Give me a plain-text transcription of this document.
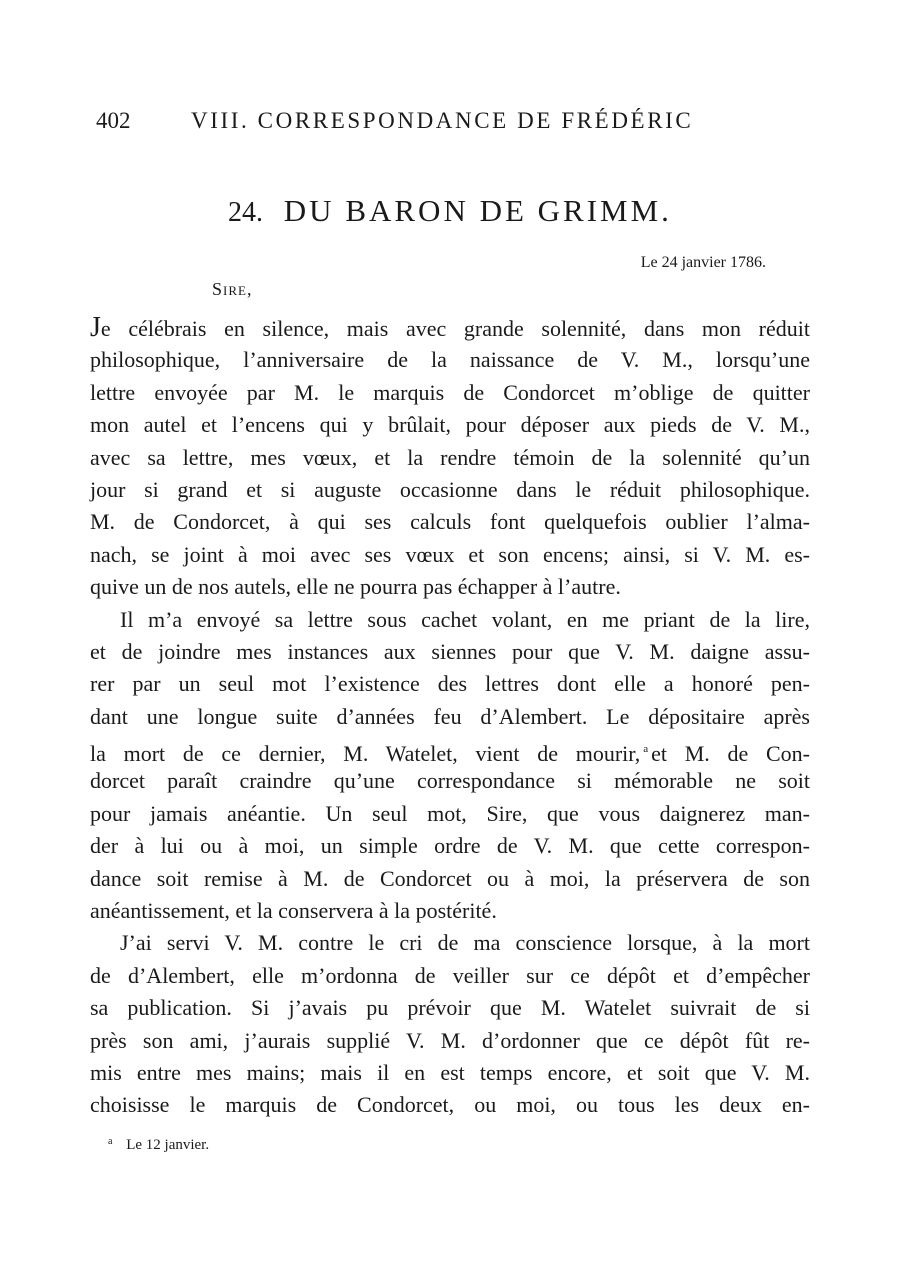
402	VIII. CORRESPONDANCE DE FRÉDÉRIC
24. DU BARON DE GRIMM.
Le 24 janvier 1786.
Sire,
Je célébrais en silence, mais avec grande solennité, dans mon réduit
philosophique, l’anniversaire de la naissance de V. M., lorsqu’une
lettre envoyée par M. le marquis de Condorcet m’oblige de quitter
mon autel et l’encens qui y brûlait, pour déposer aux pieds de V. M.,
avec sa lettre, mes vœux, et la rendre témoin de la solennité qu’un
jour si grand et si auguste occasionne dans le réduit philosophique.
M. de Condorcet, à qui ses calculs font quelquefois oublier l’alma-
nach, se joint à moi avec ses vœux et son encens; ainsi, si V. M. es-
quive un de nos autels, elle ne pourra pas échapper à l’autre.
Il m’a envoyé sa lettre sous cachet volant, en me priant de la lire,
et de joindre mes instances aux siennes pour que V. M. daigne assu-
rer par un seul mot l’existence des lettres dont elle a honoré pen-
dant une longue suite d’années feu d’Alembert. Le dépositaire après
la mort de ce dernier, M. Watelet, vient de mourir, $^a$ et M. de Con-
dorcet paraît craindre qu’une correspondance si mémorable ne soit
pour jamais anéantie. Un seul mot, Sire, que vous daignerez man-
der à lui ou à moi, un simple ordre de V. M. que cette correspon-
dance soit remise à M. de Condorcet ou à moi, la préservera de son
anéantissement, et la conservera à la postérité.
J’ai servi V. M. contre le cri de ma conscience lorsque, à la mort
de d’Alembert, elle m’ordonna de veiller sur ce dépôt et d’empêcher
sa publication. Si j’avais pu prévoir que M. Watelet suivrait de si
près son ami, j’aurais supplié V. M. d’ordonner que ce dépôt fût re-
mis entre mes mains; mais il en est temps encore, et soit que V. M.
choisisse le marquis de Condorcet, ou moi, ou tous les deux en-
$^a$ Le 12 janvier.
